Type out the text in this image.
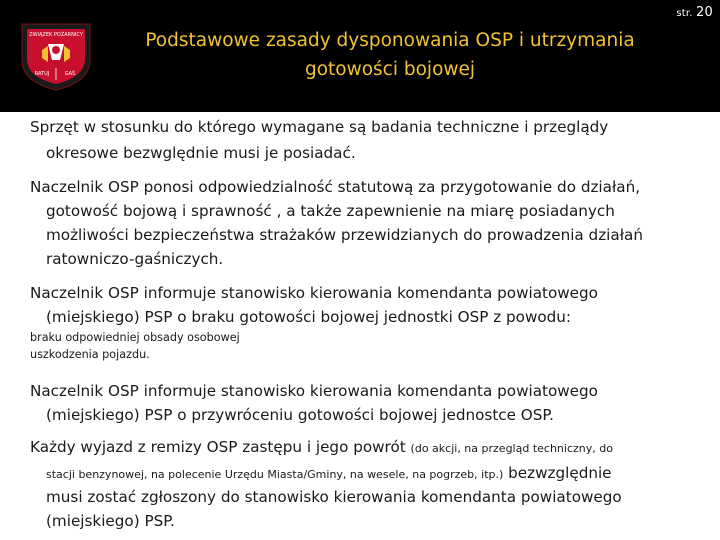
str. 20
ZWIĄZEK POŻARNICY
RATUJ	GAŚ
Podstawowe zasady dysponowania OSP i utrzymania
gotowości bojowej
Sprzęt w stosunku do którego wymagane są badania techniczne i przeglądy
okresowe bezwględnie musi je posiadać.
Naczelnik OSP ponosi odpowiedzialność statutową za przygotowanie do działań,
gotowość bojową i sprawność , a także zapewnienie na miarę posiadanych
możliwości bezpieczeństwa strażaków przewidzianych do prowadzenia działań
ratowniczo-gaśniczych.
Naczelnik OSP informuje stanowisko kierowania komendanta powiatowego
(miejskiego) PSP o braku gotowości bojowej jednostki OSP z powodu:
braku odpowiedniej obsady osobowej
uszkodzenia pojazdu.
Naczelnik OSP informuje stanowisko kierowania komendanta powiatowego
(miejskiego) PSP o przywróceniu gotowości bojowej jednostce OSP.
Każdy wyjazd z remizy OSP zastępu i jego powrót (do akcji, na przegląd techniczny, do
stacji benzynowej, na polecenie Urzędu Miasta/Gminy, na wesele, na pogrzeb, itp.) bezwzględnie
musi zostać zgłoszony do stanowisko kierowania komendanta powiatowego
(miejskiego) PSP.
